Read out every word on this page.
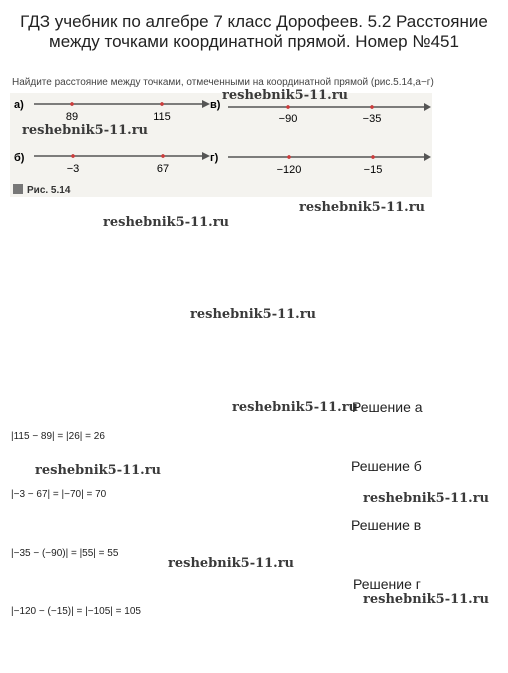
ГДЗ учебник по алгебре 7 класс Дорофеев. 5.2 Расстояние между точками координатной прямой. Номер №451
Найдите расстояние между точками, отмеченными на координатной прямой (рис.5.14,а−г)
а)
89	115
в)
−90	−35
б)
−3	67
г)
−120	−15
Рис. 5.14
reshebnik5-11.ru
reshebnik5-11.ru
reshebnik5-11.ru
reshebnik5-11.ru
reshebnik5-11.ru
reshebnik5-11.ru
reshebnik5-11.ru
reshebnik5-11.ru
reshebnik5-11.ru
reshebnik5-11.ru
Решение а
|115 − 89| = |26| = 26
Решение б
|−3 − 67| = |−70| = 70
Решение в
|−35 − (−90)| = |55| = 55
Решение г
|−120 − (−15)| = |−105| = 105
